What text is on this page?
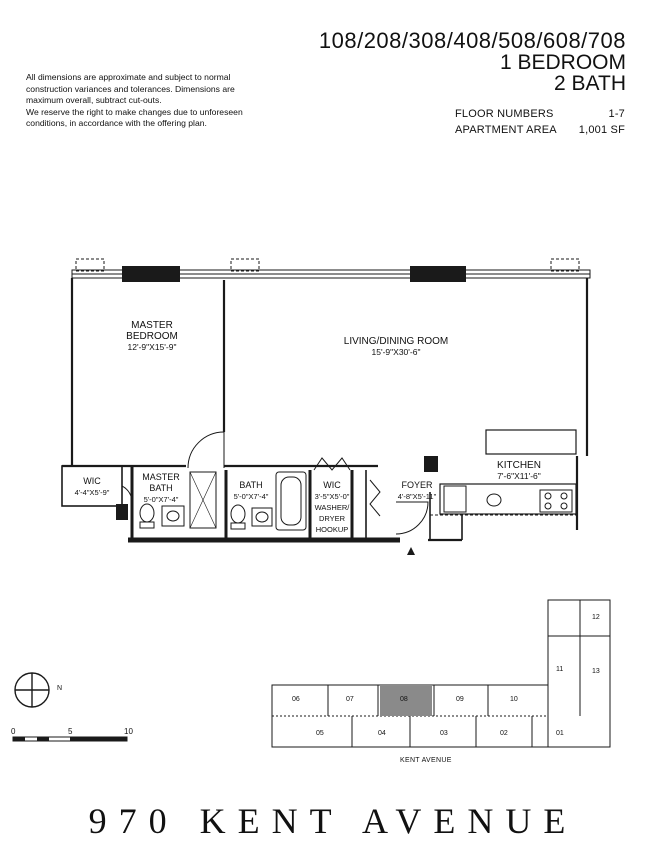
108/208/308/408/508/608/708
1 BEDROOM
2 BATH
FLOOR NUMBERS	1-7
APARTMENT AREA 1,001 SF

All dimensions are approximate and subject to normal construction variances and tolerances. Dimensions are maximum overall, subtract cut-outs.

We reserve the right to make changes due to unforeseen conditions, in accordance with the offering plan.

MASTER
BEDROOM
12'-9"X15'-9"	LIVING/DINING ROOM
15'-9"X30'-6"
KITCHEN
7'-6"X11'-6"
WIC
4'-4"X5'-9"
MASTER
BATH
5'-0"X7'-4"
BATH
5'-0"X7'-4"
WIC
3'-5"X5'-0"
WASHER/
DRYER
HOOKUP
FOYER
4'-8"X5'-11"
N
0	5	10
06	07	08	09	10
05	04	03	02	01
11
12
13
KENT AVENUE
970 KENT AVENUE
